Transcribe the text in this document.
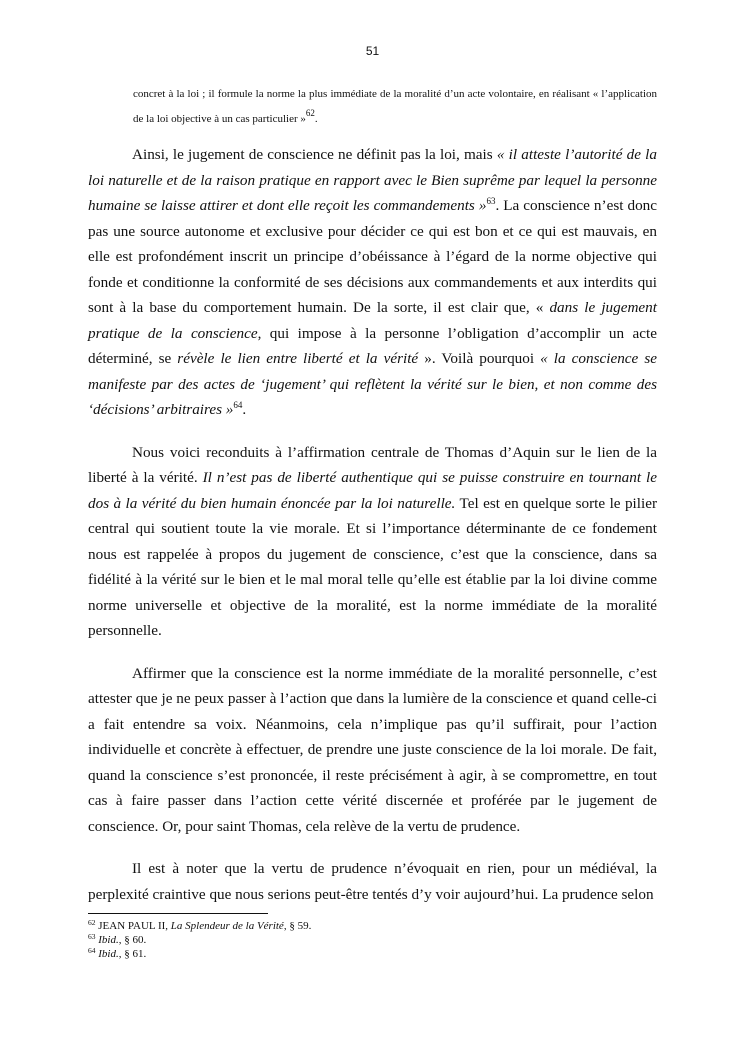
51

concret à la loi ; il formule la norme la plus immédiate de la moralité d’un acte volontaire, en réalisant « l’application de la loi objective à un cas particulier »$^{62}$.

Ainsi, le jugement de conscience ne définit pas la loi, mais « il atteste l’autorité de la loi naturelle et de la raison pratique en rapport avec le Bien suprême par lequel la personne humaine se laisse attirer et dont elle reçoit les commandements »$^{63}$. La conscience n’est donc pas une source autonome et exclusive pour décider ce qui est bon et ce qui est mauvais, en elle est profondément inscrit un principe d’obéissance à l’égard de la norme objective qui fonde et conditionne la conformité de ses décisions aux commandements et aux interdits qui sont à la base du comportement humain. De la sorte, il est clair que, « dans le jugement pratique de la conscience, qui impose à la personne l’obligation d’accomplir un acte déterminé, se révèle le lien entre liberté et la vérité ». Voilà pourquoi « la conscience se manifeste par des actes de ‘jugement’ qui reflètent la vérité sur le bien, et non comme des ‘décisions’ arbitraires »$^{64}$.

Nous voici reconduits à l’affirmation centrale de Thomas d’Aquin sur le lien de la liberté à la vérité. Il n’est pas de liberté authentique qui se puisse construire en tournant le dos à la vérité du bien humain énoncée par la loi naturelle. Tel est en quelque sorte le pilier central qui soutient toute la vie morale. Et si l’importance déterminante de ce fondement nous est rappelée à propos du jugement de conscience, c’est que la conscience, dans sa fidélité à la vérité sur le bien et le mal moral telle qu’elle est établie par la loi divine comme norme universelle et objective de la moralité, est la norme immédiate de la moralité personnelle.

Affirmer que la conscience est la norme immédiate de la moralité personnelle, c’est attester que je ne peux passer à l’action que dans la lumière de la conscience et quand celle-ci a fait entendre sa voix. Néanmoins, cela n’implique pas qu’il suffirait, pour l’action individuelle et concrète à effectuer, de prendre une juste conscience de la loi morale. De fait, quand la conscience s’est prononcée, il reste précisément à agir, à se compromettre, en tout cas à faire passer dans l’action cette vérité discernée et proférée par le jugement de conscience. Or, pour saint Thomas, cela relève de la vertu de prudence.

Il est à noter que la vertu de prudence n’évoquait en rien, pour un médiéval, la perplexité craintive que nous serions peut-être tentés d’y voir aujourd’hui. La prudence selon

$^{62}$ JEAN PAUL II, La Splendeur de la Vérité, § 59.

$^{63}$ Ibid., § 60.

$^{64}$ Ibid., § 61.
